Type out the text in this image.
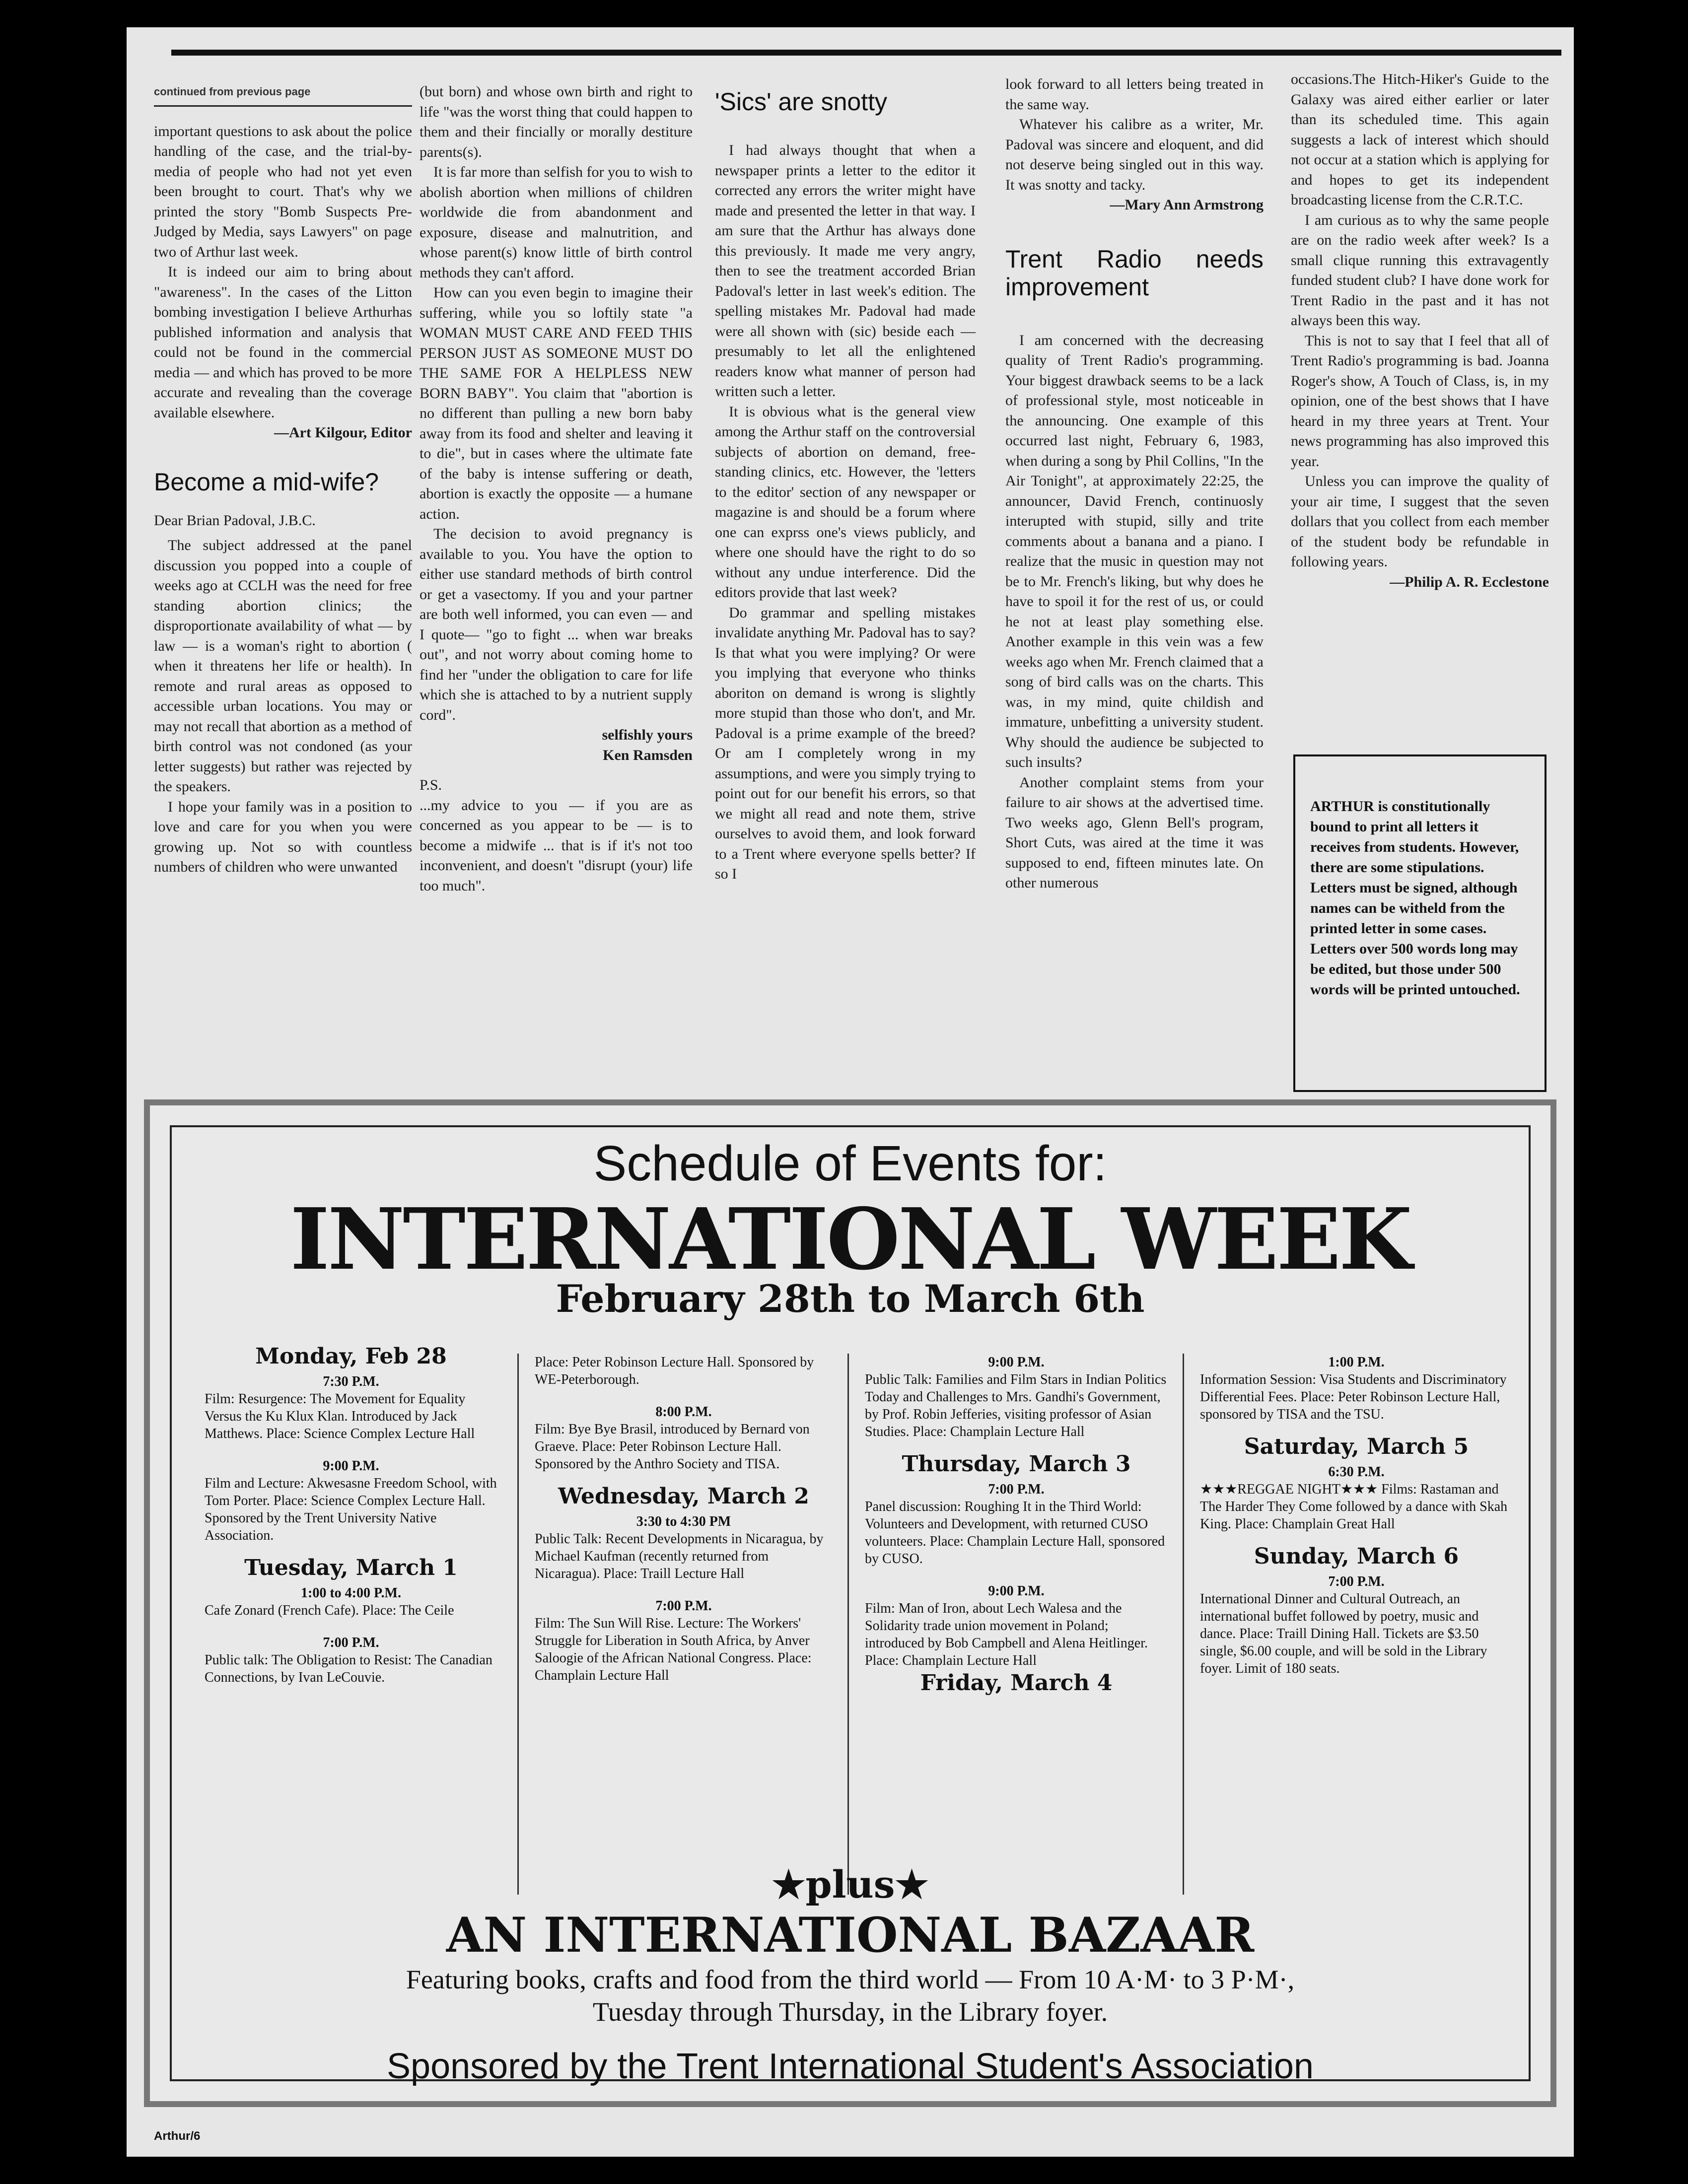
continued from previous page

important questions to ask about the police handling of the case, and the trial-by-media of people who had not yet even been brought to court. That's why we printed the story "Bomb Suspects Pre-Judged by Media, says Lawyers" on page two of Arthur last week.

It is indeed our aim to bring about "awareness". In the cases of the Litton bombing investigation I believe Arthurhas published information and analysis that could not be found in the commercial media — and which has proved to be more accurate and revealing than the coverage available elsewhere.

—Art Kilgour, Editor

Become a mid-wife?

Dear Brian Padoval, J.B.C.

The subject addressed at the panel discussion you popped into a couple of weeks ago at CCLH was the need for free standing abortion clinics; the disproportionate availability of what — by law — is a woman's right to abortion ( when it threatens her life or health). In remote and rural areas as opposed to accessible urban locations. You may or may not recall that abortion as a method of birth control was not condoned (as your letter suggests) but rather was rejected by the speakers.

I hope your family was in a position to love and care for you when you were growing up. Not so with countless numbers of children who were unwanted

(but born) and whose own birth and right to life "was the worst thing that could happen to them and their fincially or morally destiture parents(s).

It is far more than selfish for you to wish to abolish abortion when millions of children worldwide die from abandonment and exposure, disease and malnutrition, and whose parent(s) know little of birth control methods they can't afford.

How can you even begin to imagine their suffering, while you so loftily state "a WOMAN MUST CARE AND FEED THIS PERSON JUST AS SOMEONE MUST DO THE SAME FOR A HELPLESS NEW BORN BABY". You claim that "abortion is no different than pulling a new born baby away from its food and shelter and leaving it to die", but in cases where the ultimate fate of the baby is intense suffering or death, abortion is exactly the opposite — a humane action.

The decision to avoid pregnancy is available to you. You have the option to either use standard methods of birth control or get a vasectomy. If you and your partner are both well informed, you can even — and I quote— "go to fight ... when war breaks out", and not worry about coming home to find her "under the obligation to care for life which she is attached to by a nutrient supply cord".

selfishly yours

Ken Ramsden

P.S.

...my advice to you — if you are as concerned as you appear to be — is to become a midwife ... that is if it's not too inconvenient, and doesn't "disrupt (your) life too much".

'Sics' are snotty

I had always thought that when a newspaper prints a letter to the editor it corrected any errors the writer might have made and presented the letter in that way. I am sure that the Arthur has always done this previously. It made me very angry, then to see the treatment accorded Brian Padoval's letter in last week's edition. The spelling mistakes Mr. Padoval had made were all shown with (sic) beside each — presumably to let all the enlightened readers know what manner of person had written such a letter.

It is obvious what is the general view among the Arthur staff on the controversial subjects of abortion on demand, free-standing clinics, etc. However, the 'letters to the editor' section of any newspaper or magazine is and should be a forum where one can exprss one's views publicly, and where one should have the right to do so without any undue interference. Did the editors provide that last week?

Do grammar and spelling mistakes invalidate anything Mr. Padoval has to say? Is that what you were implying? Or were you implying that everyone who thinks aboriton on demand is wrong is slightly more stupid than those who don't, and Mr. Padoval is a prime example of the breed? Or am I completely wrong in my assumptions, and were you simply trying to point out for our benefit his errors, so that we might all read and note them, strive ourselves to avoid them, and look forward to a Trent where everyone spells better? If so I

look forward to all letters being treated in the same way.

Whatever his calibre as a writer, Mr. Padoval was sincere and eloquent, and did not deserve being singled out in this way. It was snotty and tacky.

—Mary Ann Armstrong

Trent Radio needs improvement

I am concerned with the decreasing quality of Trent Radio's programming. Your biggest drawback seems to be a lack of professional style, most noticeable in the announcing. One example of this occurred last night, February 6, 1983, when during a song by Phil Collins, "In the Air Tonight", at approximately 22:25, the announcer, David French, continuosly interupted with stupid, silly and trite comments about a banana and a piano. I realize that the music in question may not be to Mr. French's liking, but why does he have to spoil it for the rest of us, or could he not at least play something else. Another example in this vein was a few weeks ago when Mr. French claimed that a song of bird calls was on the charts. This was, in my mind, quite childish and immature, unbefitting a university student. Why should the audience be subjected to such insults?

Another complaint stems from your failure to air shows at the advertised time. Two weeks ago, Glenn Bell's program, Short Cuts, was aired at the time it was supposed to end, fifteen minutes late. On other numerous

occasions.The Hitch-Hiker's Guide to the Galaxy was aired either earlier or later than its scheduled time. This again suggests a lack of interest which should not occur at a station which is applying for and hopes to get its independent broadcasting license from the C.R.T.C.

I am curious as to why the same people are on the radio week after week? Is a small clique running this extravagently funded student club? I have done work for Trent Radio in the past and it has not always been this way.

This is not to say that I feel that all of Trent Radio's programming is bad. Joanna Roger's show, A Touch of Class, is, in my opinion, one of the best shows that I have heard in my three years at Trent. Your news programming has also improved this year.

Unless you can improve the quality of your air time, I suggest that the seven dollars that you collect from each member of the student body be refundable in following years.

—Philip A. R. Ecclestone

ARTHUR is constitutionally bound to print all letters it receives from students. However, there are some stipulations. Letters must be signed, although names can be witheld from the printed letter in some cases. Letters over 500 words long may be edited, but those under 500 words will be printed untouched.
Schedule of Events for:
INTERNATIONAL WEEK
February 28th to March 6th
Monday, Feb 28
7:30 P.M.
Film: Resurgence: The Movement for Equality Versus the Ku Klux Klan. Introduced by Jack Matthews. Place: Science Complex Lecture Hall
9:00 P.M.
Film and Lecture: Akwesasne Freedom School, with Tom Porter. Place: Science Complex Lecture Hall. Sponsored by the Trent University Native Association.
Tuesday, March 1
1:00 to 4:00 P.M.
Cafe Zonard (French Cafe). Place: The Ceile
7:00 P.M.
Public talk: The Obligation to Resist: The Canadian Connections, by Ivan LeCouvie.
Place: Peter Robinson Lecture Hall. Sponsored by WE-Peterborough.
8:00 P.M.
Film: Bye Bye Brasil, introduced by Bernard von Graeve. Place: Peter Robinson Lecture Hall. Sponsored by the Anthro Society and TISA.
Wednesday, March 2
3:30 to 4:30 PM
Public Talk: Recent Developments in Nicaragua, by Michael Kaufman (recently returned from Nicaragua). Place: Traill Lecture Hall
7:00 P.M.
Film: The Sun Will Rise. Lecture: The Workers' Struggle for Liberation in South Africa, by Anver Saloogie of the African National Congress. Place: Champlain Lecture Hall
9:00 P.M.
Public Talk: Families and Film Stars in Indian Politics Today and Challenges to Mrs. Gandhi's Government, by Prof. Robin Jefferies, visiting professor of Asian Studies. Place: Champlain Lecture Hall
Thursday, March 3
7:00 P.M.
Panel discussion: Roughing It in the Third World: Volunteers and Development, with returned CUSO volunteers. Place: Champlain Lecture Hall, sponsored by CUSO.
9:00 P.M.
Film: Man of Iron, about Lech Walesa and the Solidarity trade union movement in Poland; introduced by Bob Campbell and Alena Heitlinger. Place: Champlain Lecture Hall
Friday, March 4
1:00 P.M.
Information Session: Visa Students and Discriminatory Differential Fees. Place: Peter Robinson Lecture Hall, sponsored by TISA and the TSU.
Saturday, March 5
6:30 P.M.
★★★REGGAE NIGHT★★★ Films: Rastaman and The Harder They Come followed by a dance with Skah King. Place: Champlain Great Hall
Sunday, March 6
7:00 P.M.
International Dinner and Cultural Outreach, an international buffet followed by poetry, music and dance. Place: Traill Dining Hall. Tickets are $3.50 single, $6.00 couple, and will be sold in the Library foyer. Limit of 180 seats.
★plus★
AN INTERNATIONAL BAZAAR
Featuring books, crafts and food from the third world — From 10 A·M· to 3 P·M·,
Tuesday through Thursday, in the Library foyer.
Sponsored by the Trent International Student's Association
Arthur/6
